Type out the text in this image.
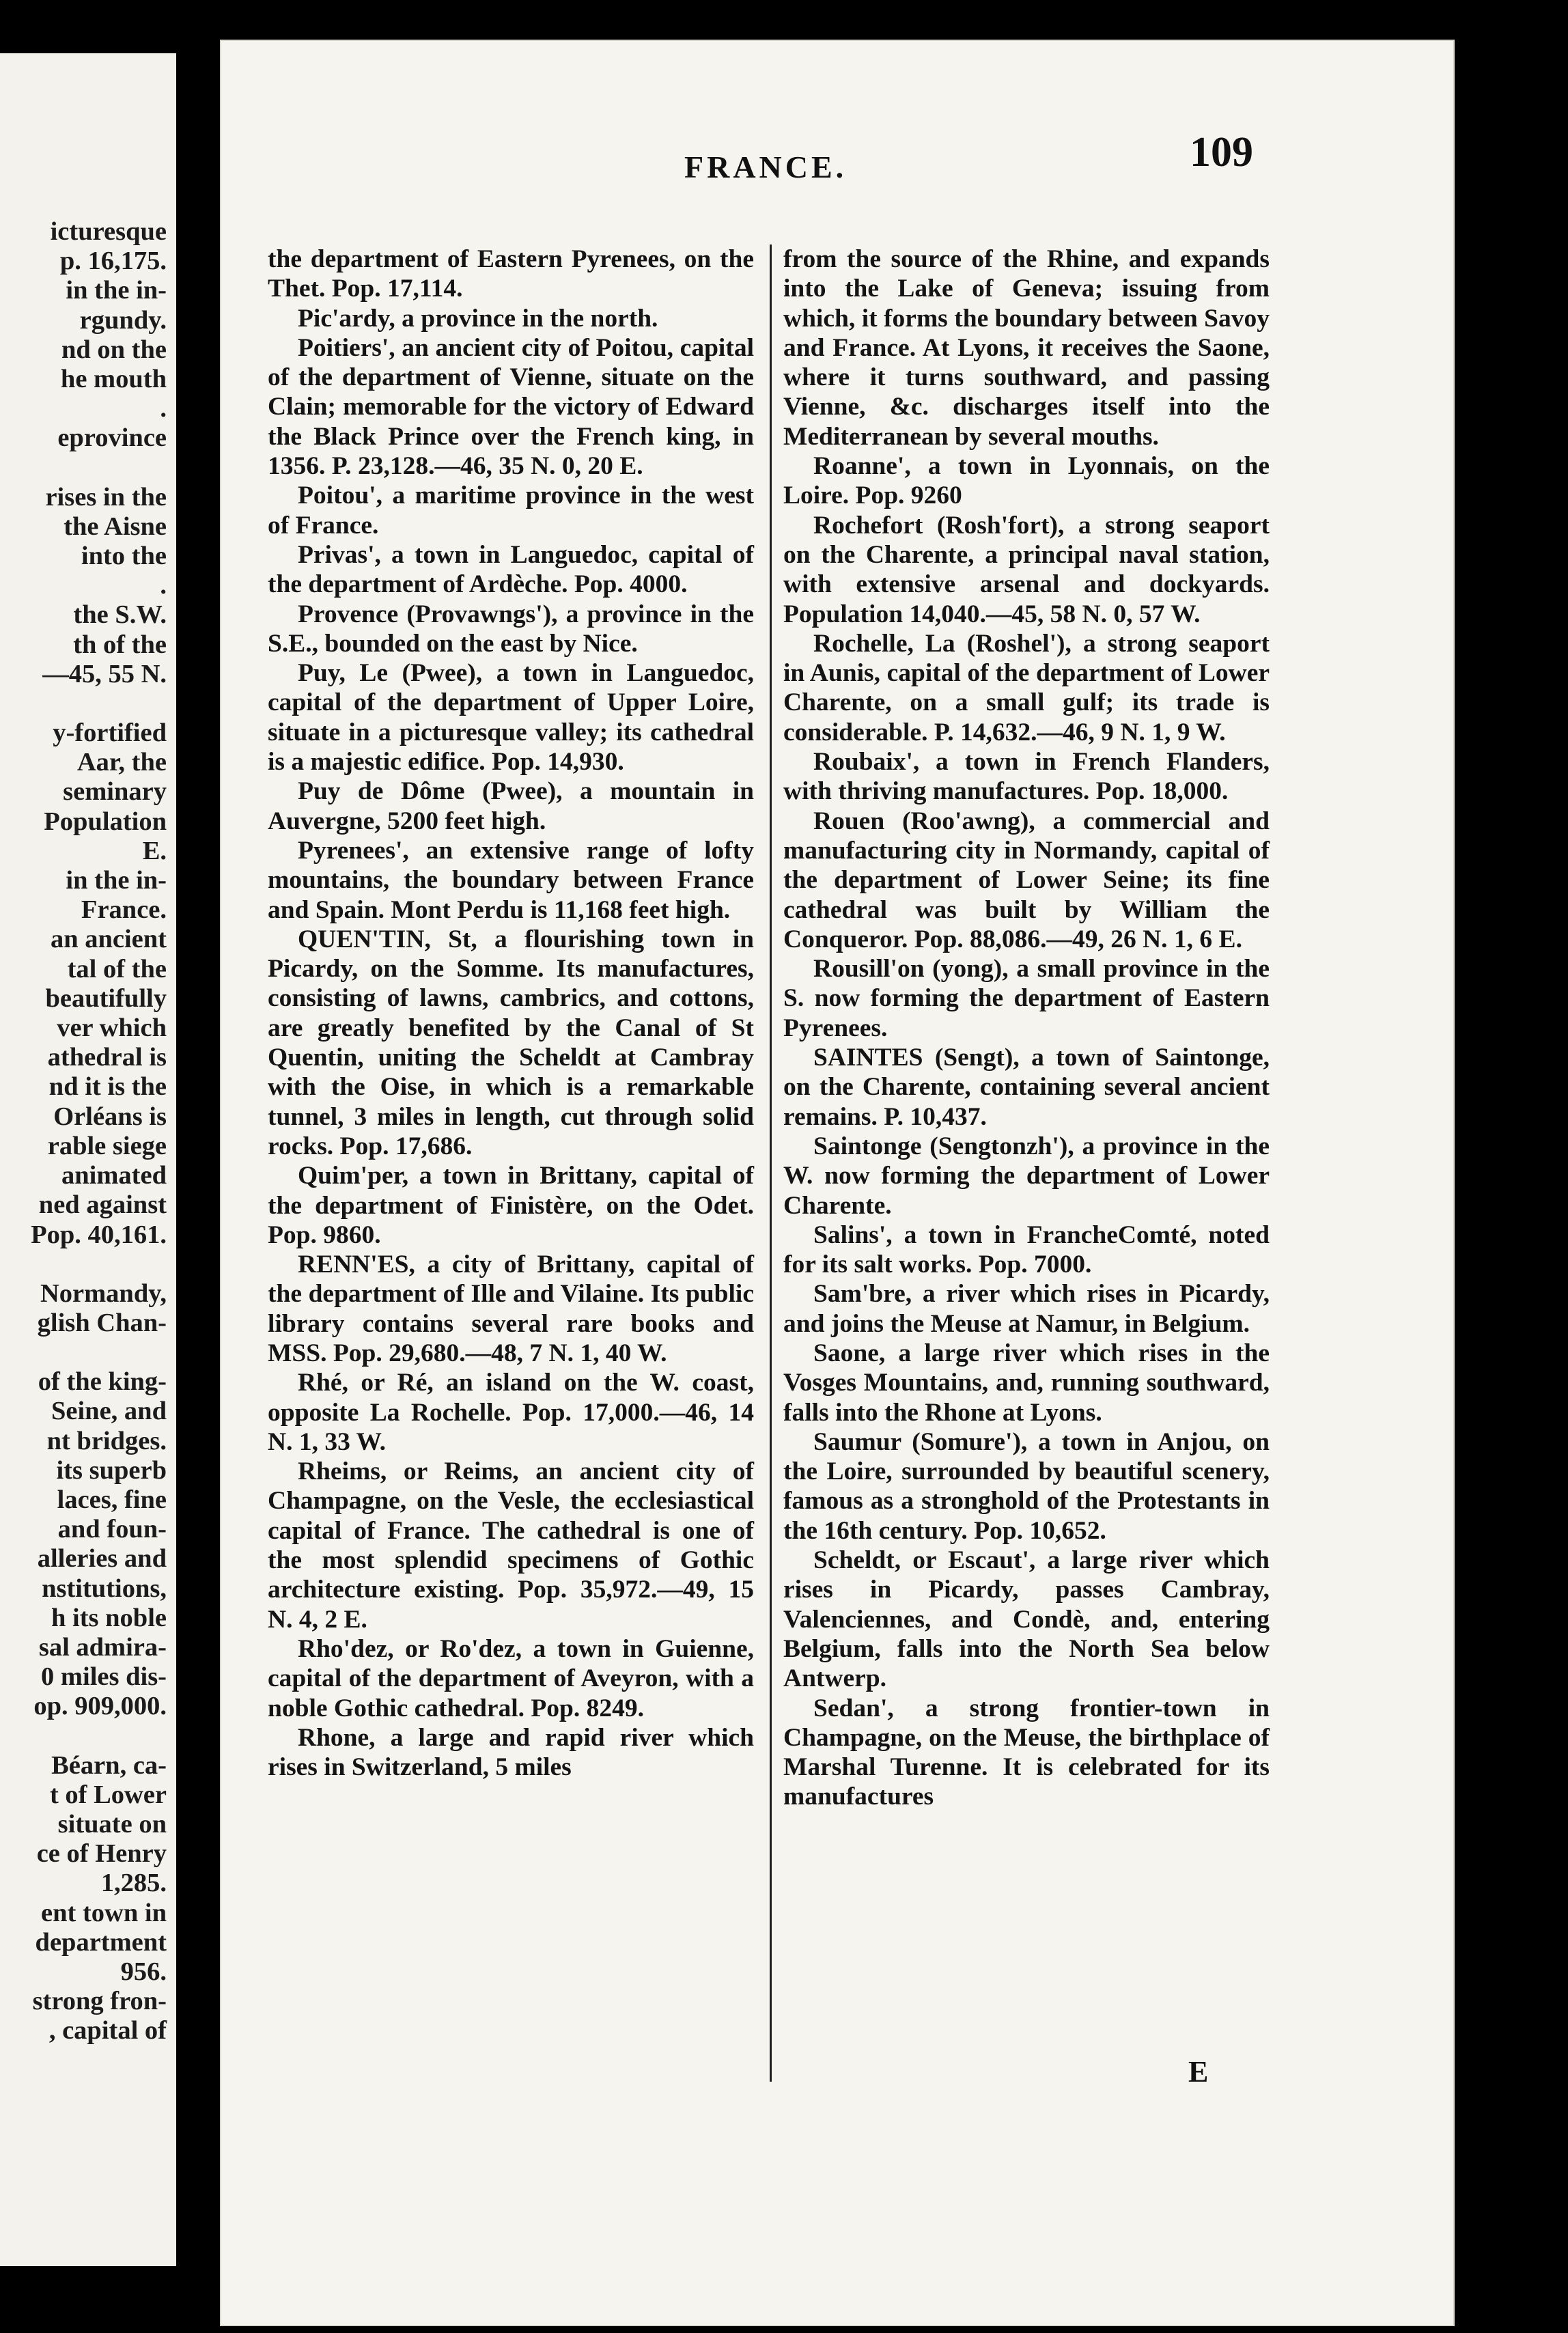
icturesque
p. 16,175.
in the in-
rgundy.
nd on the
he mouth
.
eprovince

rises in the
the Aisne
into the
.
the S.W.
th of the
—45, 55 N.

y-fortified
Aar, the
seminary
Population
E.
in the in-
France.
an ancient
tal of the
beautifully
ver which
athedral is
nd it is the
Orléans is
rable siege
animated
ned against
Pop. 40,161.

Normandy,
glish Chan-

of the king-
Seine, and
nt bridges.
its superb
laces, fine
and foun-
alleries and
nstitutions,
h its noble
sal admira-
0 miles dis-
op. 909,000.

Béarn, ca-
t of Lower
situate on
ce of Henry
1,285.
ent town in
department
956.
strong fron-
, capital of
FRANCE.	109

the department of Eastern Pyrenees, on the Thet. Pop. 17,114.

Pic'ardy, a province in the north.

Poitiers', an ancient city of Poitou, capital of the department of Vienne, situate on the Clain; memorable for the victory of Edward the Black Prince over the French king, in 1356. P. 23,128.—46, 35 N. 0, 20 E.

Poitou', a maritime province in the west of France.

Privas', a town in Languedoc, capital of the department of Ardèche. Pop. 4000.

Provence (Provawngs'), a province in the S.E., bounded on the east by Nice.

Puy, Le (Pwee), a town in Languedoc, capital of the department of Upper Loire, situate in a picturesque valley; its cathedral is a majestic edifice. Pop. 14,930.

Puy de Dôme (Pwee), a mountain in Auvergne, 5200 feet high.

Pyrenees', an extensive range of lofty mountains, the boundary between France and Spain. Mont Perdu is 11,168 feet high.

QUEN'TIN, St, a flourishing town in Picardy, on the Somme. Its manufactures, consisting of lawns, cambrics, and cottons, are greatly benefited by the Canal of St Quentin, uniting the Scheldt at Cambray with the Oise, in which is a remarkable tunnel, 3 miles in length, cut through solid rocks. Pop. 17,686.

Quim'per, a town in Brittany, capital of the department of Finistère, on the Odet. Pop. 9860.

RENN'ES, a city of Brittany, capital of the department of Ille and Vilaine. Its public library contains several rare books and MSS. Pop. 29,680.—48, 7 N. 1, 40 W.

Rhé, or Ré, an island on the W. coast, opposite La Rochelle. Pop. 17,000.—46, 14 N. 1, 33 W.

Rheims, or Reims, an ancient city of Champagne, on the Vesle, the ecclesiastical capital of France. The cathedral is one of the most splendid specimens of Gothic architecture existing. Pop. 35,972.—49, 15 N. 4, 2 E.

Rho'dez, or Ro'dez, a town in Guienne, capital of the department of Aveyron, with a noble Gothic cathedral. Pop. 8249.

Rhone, a large and rapid river which rises in Switzerland, 5 miles

from the source of the Rhine, and expands into the Lake of Geneva; issuing from which, it forms the boundary between Savoy and France. At Lyons, it receives the Saone, where it turns southward, and passing Vienne, &c. discharges itself into the Mediterranean by several mouths.

Roanne', a town in Lyonnais, on the Loire. Pop. 9260

Rochefort (Rosh'fort), a strong seaport on the Charente, a principal naval station, with extensive arsenal and dockyards. Population 14,040.—45, 58 N. 0, 57 W.

Rochelle, La (Roshel'), a strong seaport in Aunis, capital of the department of Lower Charente, on a small gulf; its trade is considerable. P. 14,632.—46, 9 N. 1, 9 W.

Roubaix', a town in French Flanders, with thriving manufactures. Pop. 18,000.

Rouen (Roo'awng), a commercial and manufacturing city in Normandy, capital of the department of Lower Seine; its fine cathedral was built by William the Conqueror. Pop. 88,086.—49, 26 N. 1, 6 E.

Rousill'on (yong), a small province in the S. now forming the department of Eastern Pyrenees.

SAINTES (Sengt), a town of Saintonge, on the Charente, containing several ancient remains. P. 10,437.

Saintonge (Sengtonzh'), a province in the W. now forming the department of Lower Charente.

Salins', a town in FrancheComté, noted for its salt works. Pop. 7000.

Sam'bre, a river which rises in Picardy, and joins the Meuse at Namur, in Belgium.

Saone, a large river which rises in the Vosges Mountains, and, running southward, falls into the Rhone at Lyons.

Saumur (Somure'), a town in Anjou, on the Loire, surrounded by beautiful scenery, famous as a stronghold of the Protestants in the 16th century. Pop. 10,652.

Scheldt, or Escaut', a large river which rises in Picardy, passes Cambray, Valenciennes, and Condè, and, entering Belgium, falls into the North Sea below Antwerp.

Sedan', a strong frontier-town in Champagne, on the Meuse, the birthplace of Marshal Turenne. It is celebrated for its manufactures

E
